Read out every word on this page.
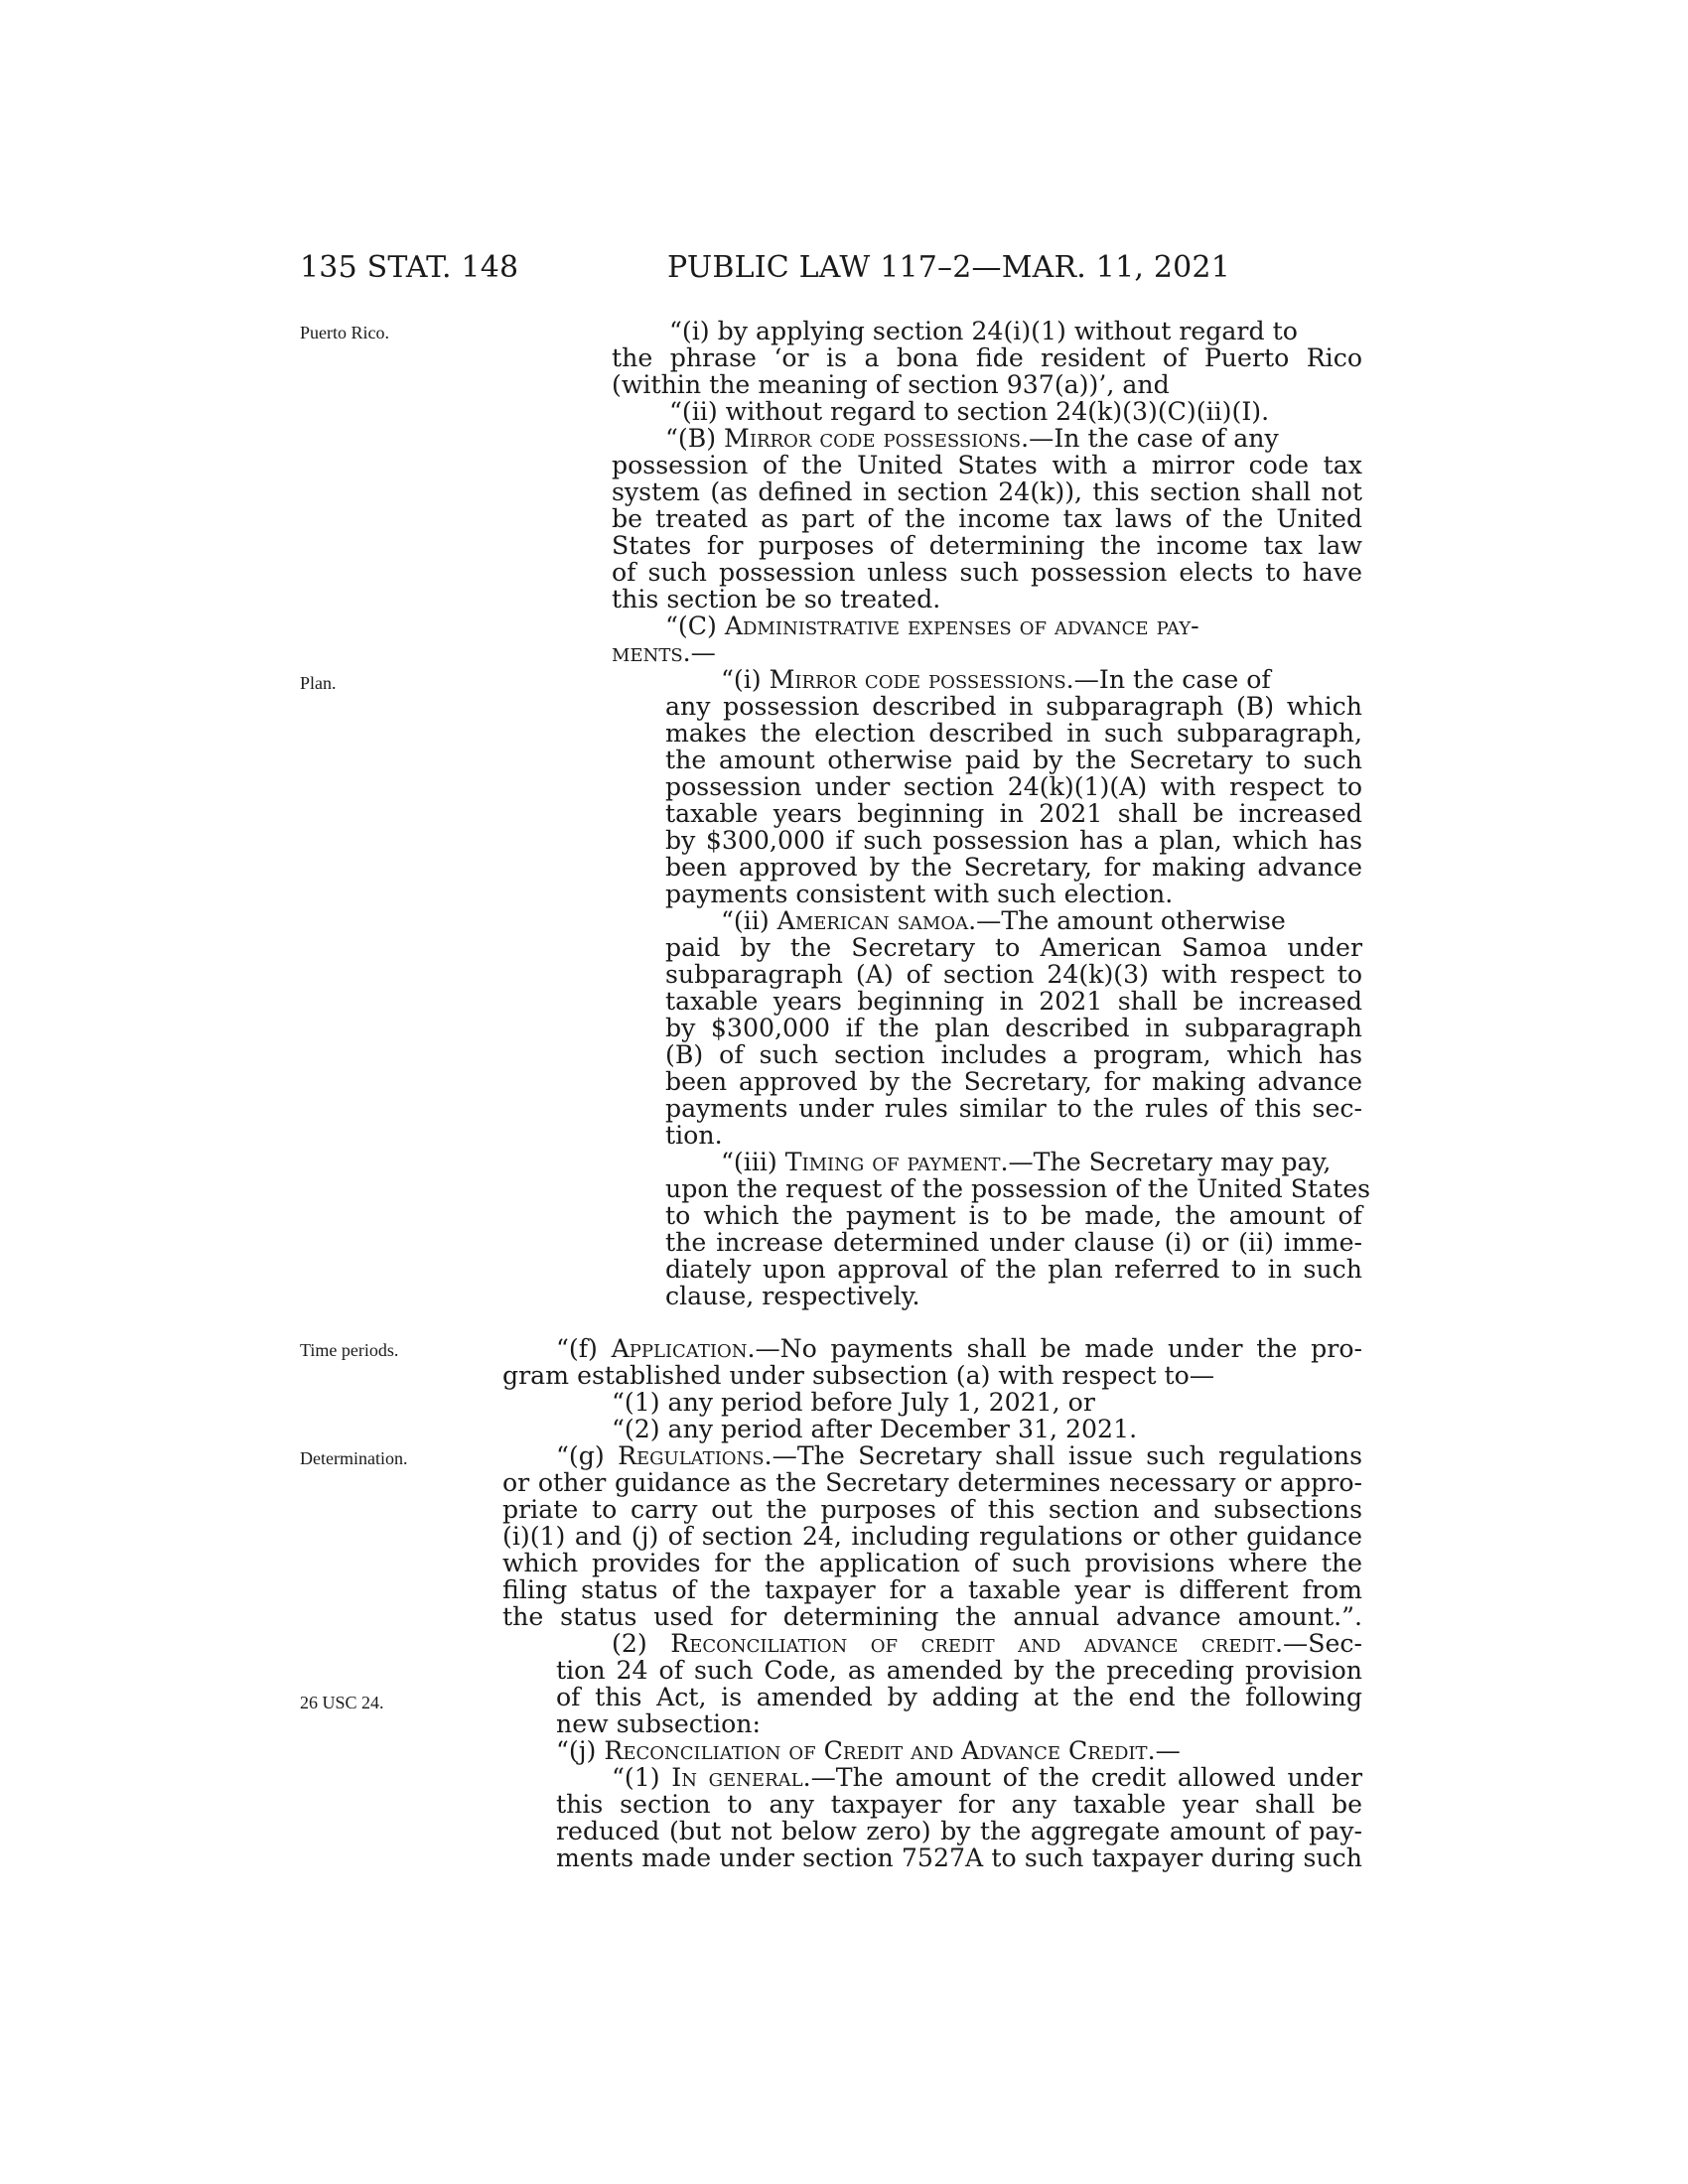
135 STAT. 148	PUBLIC LAW 117–2—MAR. 11, 2021
Puerto Rico.
Plan.
Time periods.
Determination.
26 USC 24.
“(i) by applying section 24(i)(1) without regard to
the phrase ‘or is a bona fide resident of Puerto Rico
(within the meaning of section 937(a))’, and
“(ii) without regard to section 24(k)(3)(C)(ii)(I).
“(B) Mirror code possessions.—In the case of any
possession of the United States with a mirror code tax
system (as defined in section 24(k)), this section shall not
be treated as part of the income tax laws of the United
States for purposes of determining the income tax law
of such possession unless such possession elects to have
this section be so treated.
“(C) Administrative expenses of advance pay-
ments.—
“(i) Mirror code possessions.—In the case of
any possession described in subparagraph (B) which
makes the election described in such subparagraph,
the amount otherwise paid by the Secretary to such
possession under section 24(k)(1)(A) with respect to
taxable years beginning in 2021 shall be increased
by $300,000 if such possession has a plan, which has
been approved by the Secretary, for making advance
payments consistent with such election.
“(ii) American samoa.—The amount otherwise
paid by the Secretary to American Samoa under
subparagraph (A) of section 24(k)(3) with respect to
taxable years beginning in 2021 shall be increased
by $300,000 if the plan described in subparagraph
(B) of such section includes a program, which has
been approved by the Secretary, for making advance
payments under rules similar to the rules of this sec-
tion.
“(iii) Timing of payment.—The Secretary may pay,
upon the request of the possession of the United States
to which the payment is to be made, the amount of
the increase determined under clause (i) or (ii) imme-
diately upon approval of the plan referred to in such
clause, respectively.
“(f) Application.—No payments shall be made under the pro-
gram established under subsection (a) with respect to—
“(1) any period before July 1, 2021, or
“(2) any period after December 31, 2021.
“(g) Regulations.—The Secretary shall issue such regulations
or other guidance as the Secretary determines necessary or appro-
priate to carry out the purposes of this section and subsections
(i)(1) and (j) of section 24, including regulations or other guidance
which provides for the application of such provisions where the
filing status of the taxpayer for a taxable year is different from
the status used for determining the annual advance amount.”.
(2) Reconciliation of credit and advance credit.—Sec-
tion 24 of such Code, as amended by the preceding provision
of this Act, is amended by adding at the end the following
new subsection:
“(j) Reconciliation of Credit and Advance Credit.—
“(1) In general.—The amount of the credit allowed under
this section to any taxpayer for any taxable year shall be
reduced (but not below zero) by the aggregate amount of pay-
ments made under section 7527A to such taxpayer during such
